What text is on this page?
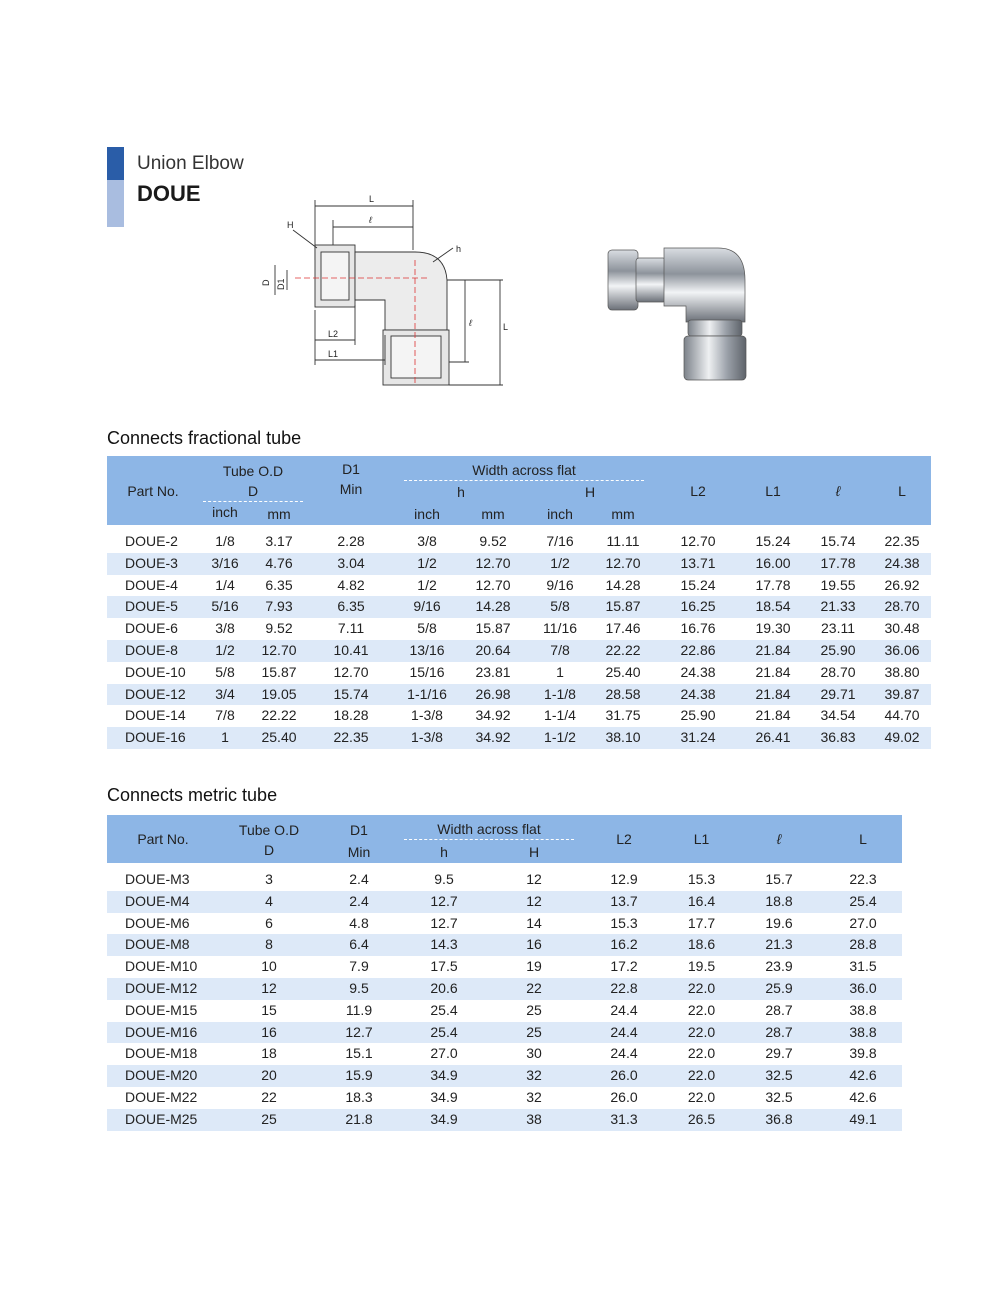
Union Elbow
DOUE	L
ℓ
H
h
D D1
L2
L1
ℓ	L
Connects fractional tube
Part No.	Tube O.D		D1
Min	Width across flat				L2	L1	ℓ	L
	D			h		H					
	inch	mm		inch	mm	inch	mm				

DOUE-2	1/8	3.17	2.28	3/8	9.52	7/16	11.11	12.70	15.24	15.74	22.35
DOUE-3	3/16	4.76	3.04	1/2	12.70	1/2	12.70	13.71	16.00	17.78	24.38
DOUE-4	1/4	6.35	4.82	1/2	12.70	9/16	14.28	15.24	17.78	19.55	26.92
DOUE-5	5/16	7.93	6.35	9/16	14.28	5/8	15.87	16.25	18.54	21.33	28.70
DOUE-6	3/8	9.52	7.11	5/8	15.87	11/16	17.46	16.76	19.30	23.11	30.48
DOUE-8	1/2	12.70	10.41	13/16	20.64	7/8	22.22	22.86	21.84	25.90	36.06
DOUE-10	5/8	15.87	12.70	15/16	23.81	1	25.40	24.38	21.84	28.70	38.80
DOUE-12	3/4	19.05	15.74	1-1/16	26.98	1-1/8	28.58	24.38	21.84	29.71	39.87
DOUE-14	7/8	22.22	18.28	1-3/8	34.92	1-1/4	31.75	25.90	21.84	34.54	44.70
DOUE-16	1	25.40	22.35	1-3/8	34.92	1-1/2	38.10	31.24	26.41	36.83	49.02
Connects metric tube
Part No.	Tube O.D	D1	Width across flat		L2	L1	ℓ	L
	D	Min	h	H				

DOUE-M3	3	2.4	9.5	12	12.9	15.3	15.7	22.3
DOUE-M4	4	2.4	12.7	12	13.7	16.4	18.8	25.4
DOUE-M6	6	4.8	12.7	14	15.3	17.7	19.6	27.0
DOUE-M8	8	6.4	14.3	16	16.2	18.6	21.3	28.8
DOUE-M10	10	7.9	17.5	19	17.2	19.5	23.9	31.5
DOUE-M12	12	9.5	20.6	22	22.8	22.0	25.9	36.0
DOUE-M15	15	11.9	25.4	25	24.4	22.0	28.7	38.8
DOUE-M16	16	12.7	25.4	25	24.4	22.0	28.7	38.8
DOUE-M18	18	15.1	27.0	30	24.4	22.0	29.7	39.8
DOUE-M20	20	15.9	34.9	32	26.0	22.0	32.5	42.6
DOUE-M22	22	18.3	34.9	32	26.0	22.0	32.5	42.6
DOUE-M25	25	21.8	34.9	38	31.3	26.5	36.8	49.1
